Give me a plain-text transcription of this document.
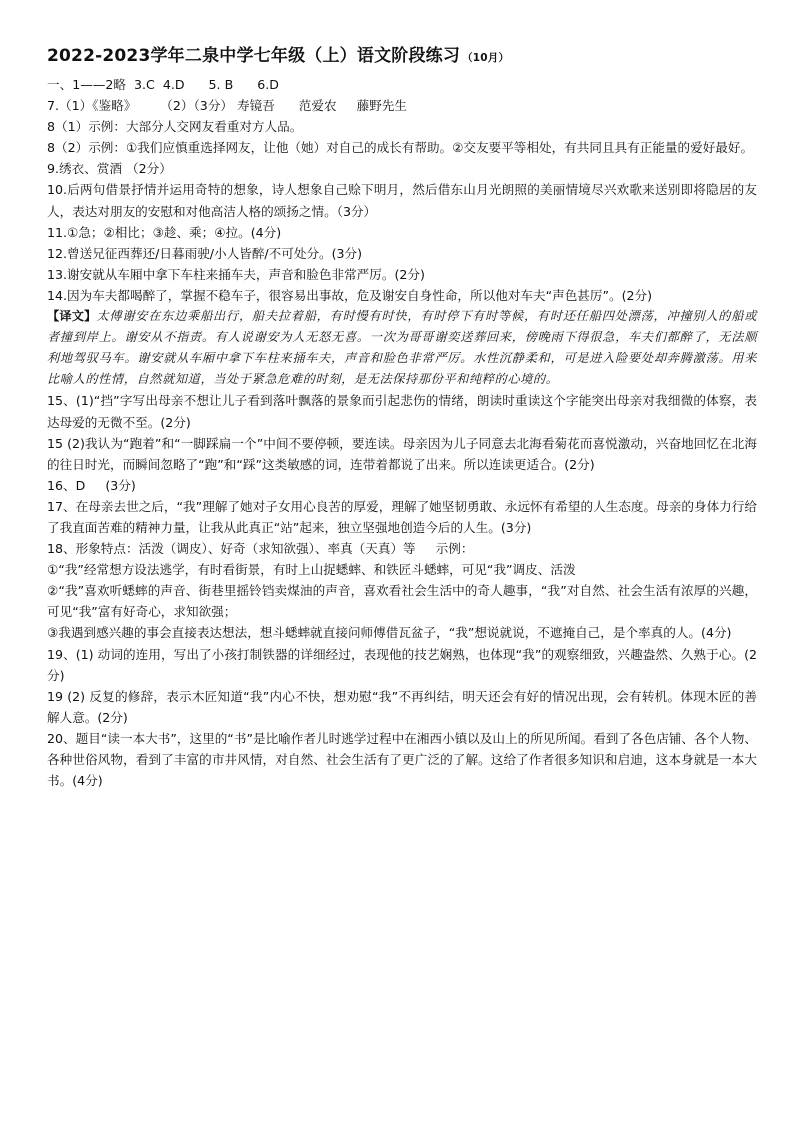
2022-2023学年二泉中学七年级（上）语文阶段练习 （10月）

一、1——2略  3.C  4.D      5. B      6.D

7.（1）《鉴略》      （2）（3分） 寿镜吾      范爱农     藤野先生

8（1）示例：大部分人交网友看重对方人品。

8（2）示例：①我们应慎重选择网友，让他（她）对自己的成长有帮助。②交友要平等相处，有共同且具有正能量的爱好最好。

9.绣衣、赏酒 （2分）

10.后两句借景抒情并运用奇特的想象，诗人想象自己赊下明月，然后借东山月光朗照的美丽情境尽兴欢歌来送别即将隐居的友人，表达对朋友的安慰和对他高洁人格的颂扬之情。（3分）

11.①急；②相比；③趁、乘；④拉。(4分)

12.曾送兄征西葬还/日暮雨驶/小人皆醉/不可处分。(3分)

13.谢安就从车厢中拿下车柱来捅车夫，声音和脸色非常严厉。(2分)

14.因为车夫都喝醉了，掌握不稳车子，很容易出事故，危及谢安自身性命，所以他对车夫“声色甚厉”。(2分)

【译文】太傅谢安在东边乘船出行，船夫拉着船，有时慢有时快，有时停下有时等候，有时还任船四处漂荡，冲撞别人的船或者撞到岸上。谢安从不指责。有人说谢安为人无怒无喜。一次为哥哥谢奕送葬回来，傍晚雨下得很急，车夫们都醉了，无法顺利地驾驭马车。谢安就从车厢中拿下车柱来捅车夫，声音和脸色非常严厉。水性沉静柔和，可是进入险要处却奔腾激荡。用来比喻人的性情，自然就知道，当处于紧急危难的时刻，是无法保持那份平和纯粹的心境的。

15、(1)“挡”字写出母亲不想让儿子看到落叶飘落的景象而引起悲伤的情绪，朗读时重读这个字能突出母亲对我细微的体察，表达母爱的无微不至。(2分)

15 (2)我认为“跑着”和“一脚踩扁一个”中间不要停顿，要连读。母亲因为儿子同意去北海看菊花而喜悦激动，兴奋地回忆在北海的往日时光，而瞬间忽略了“跑”和“踩”这类敏感的词，连带着都说了出来。所以连读更适合。(2分)

16、D     (3分)

17、在母亲去世之后，“我”理解了她对子女用心良苦的厚爱，理解了她坚韧勇敢、永远怀有希望的人生态度。母亲的身体力行给了我直面苦难的精神力量，让我从此真正“站”起来，独立坚强地创造今后的人生。(3分)

18、形象特点：活泼（调皮）、好奇（求知欲强）、率真（天真）等     示例：

①“我”经常想方设法逃学，有时看街景，有时上山捉蟋蟀、和铁匠斗蟋蟀，可见“我”调皮、活泼

②“我”喜欢听蟋蟀的声音、街巷里摇铃铛卖煤油的声音，喜欢看社会生活中的奇人趣事，“我”对自然、社会生活有浓厚的兴趣，可见“我”富有好奇心，求知欲强；

③我遇到感兴趣的事会直接表达想法，想斗蟋蟀就直接问师傅借瓦盆子，“我”想说就说，不遮掩自己，是个率真的人。(4分)

19、(1) 动词的连用，写出了小孩打制铁器的详细经过，表现他的技艺娴熟，也体现“我”的观察细致，兴趣盎然、久熟于心。(2分)

19 (2) 反复的修辞，表示木匠知道“我”内心不快，想劝慰“我”不再纠结，明天还会有好的情况出现，会有转机。体现木匠的善解人意。(2分)

20、题目“读一本大书”，这里的“书”是比喻作者儿时逃学过程中在湘西小镇以及山上的所见所闻。看到了各色店铺、各个人物、各种世俗风物，看到了丰富的市井风情，对自然、社会生活有了更广泛的了解。这给了作者很多知识和启迪，这本身就是一本大书。(4分)
